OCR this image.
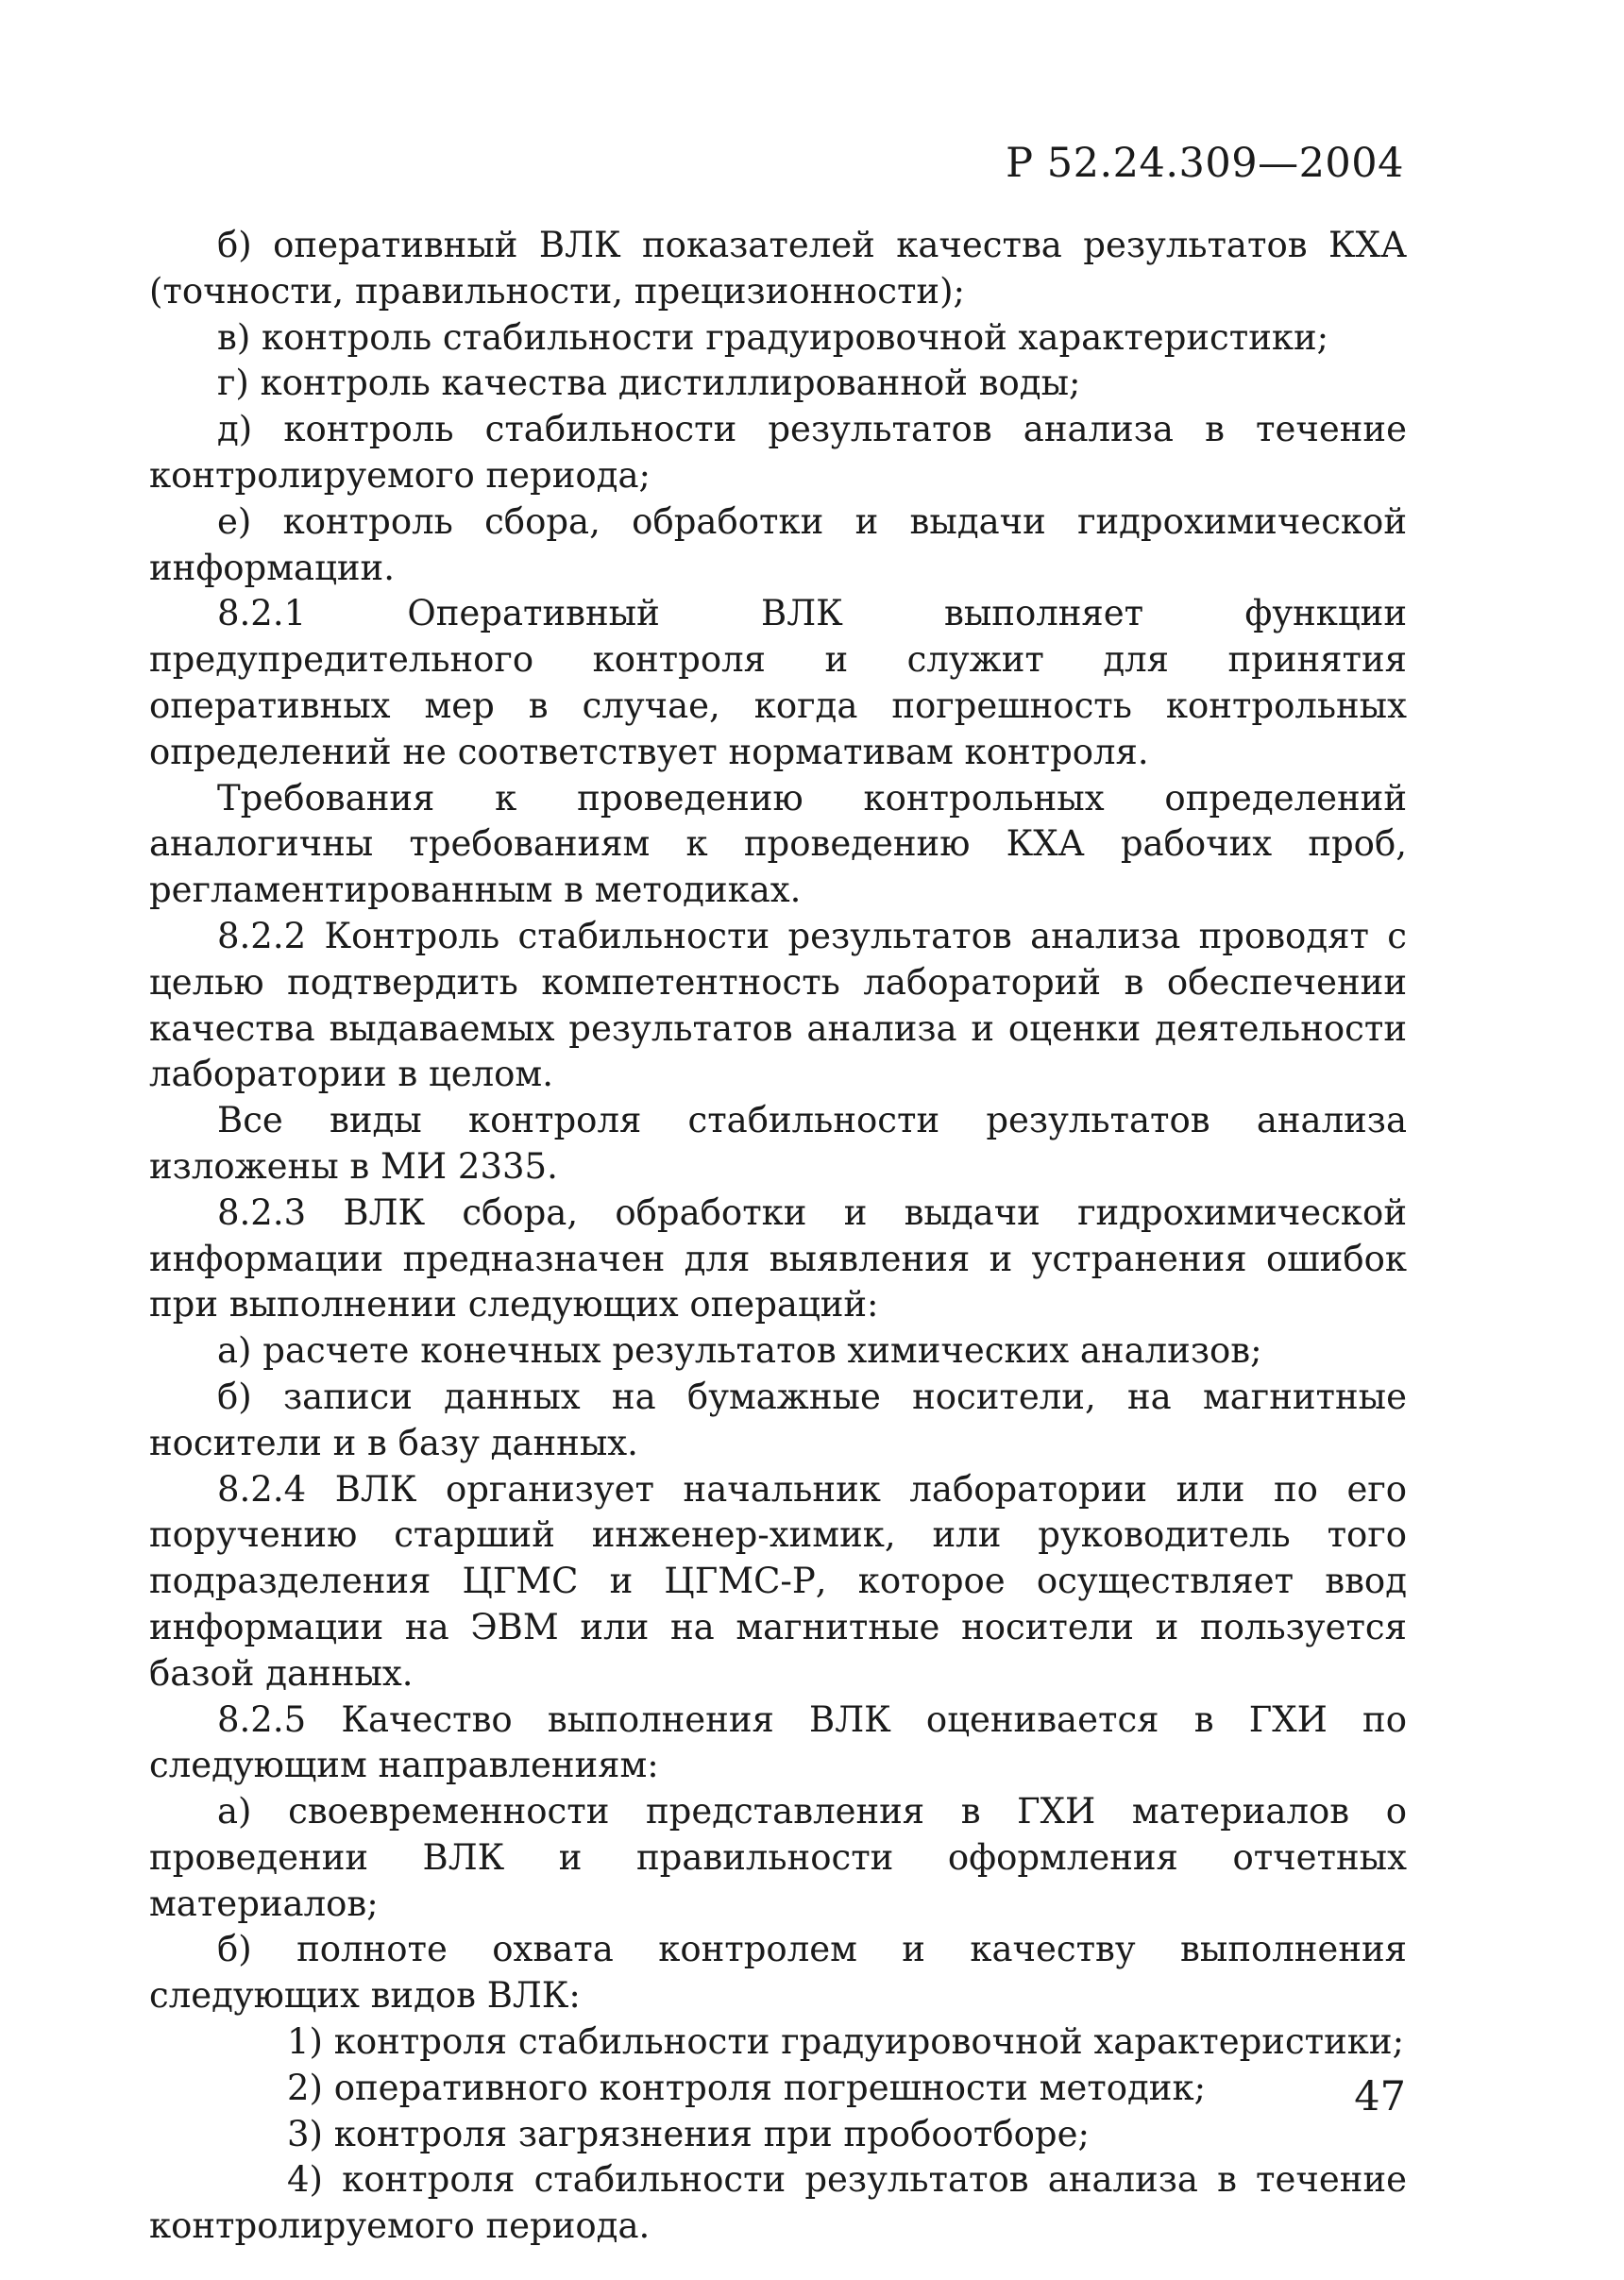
Р 52.24.309—2004

б) оперативный ВЛК показателей качества результатов КХА (точности, правильности, прецизионности);

в) контроль стабильности градуировочной характеристики;

г) контроль качества дистиллированной воды;

д) контроль стабильности результатов анализа в течение контролируемого периода;

е) контроль сбора, обработки и выдачи гидрохимической информации.

8.2.1 Оперативный ВЛК выполняет функции предупредительного контроля и служит для принятия оперативных мер в случае, когда погрешность контрольных определений не соответствует нормативам контроля.

Требования к проведению контрольных определений аналогичны требованиям к проведению КХА рабочих проб, регламентированным в методиках.

8.2.2 Контроль стабильности результатов анализа проводят с целью подтвердить компетентность лабораторий в обеспечении качества выдаваемых результатов анализа и оценки деятельности лаборатории в целом.

Все виды контроля стабильности результатов анализа изложены в МИ 2335.

8.2.3 ВЛК сбора, обработки и выдачи гидрохимической информации предназначен для выявления и устранения ошибок при выполнении следующих операций:

а) расчете конечных результатов химических анализов;

б) записи данных на бумажные носители, на магнитные носители и в базу данных.

8.2.4 ВЛК организует начальник лаборатории или по его поручению старший инженер-химик, или руководитель того подразделения ЦГМС и ЦГМС-Р, которое осуществляет ввод информации на ЭВМ или на магнитные носители и пользуется базой данных.

8.2.5 Качество выполнения ВЛК оценивается в ГХИ по следующим направлениям:

а) своевременности представления в ГХИ материалов о проведении ВЛК и правильности оформления отчетных материалов;

б) полноте охвата контролем и качеству выполнения следующих видов ВЛК:

1) контроля стабильности градуировочной характеристики;

2) оперативного контроля погрешности методик;

3) контроля загрязнения при пробоотборе;

4) контроля стабильности результатов анализа в течение контролируемого периода.

47
